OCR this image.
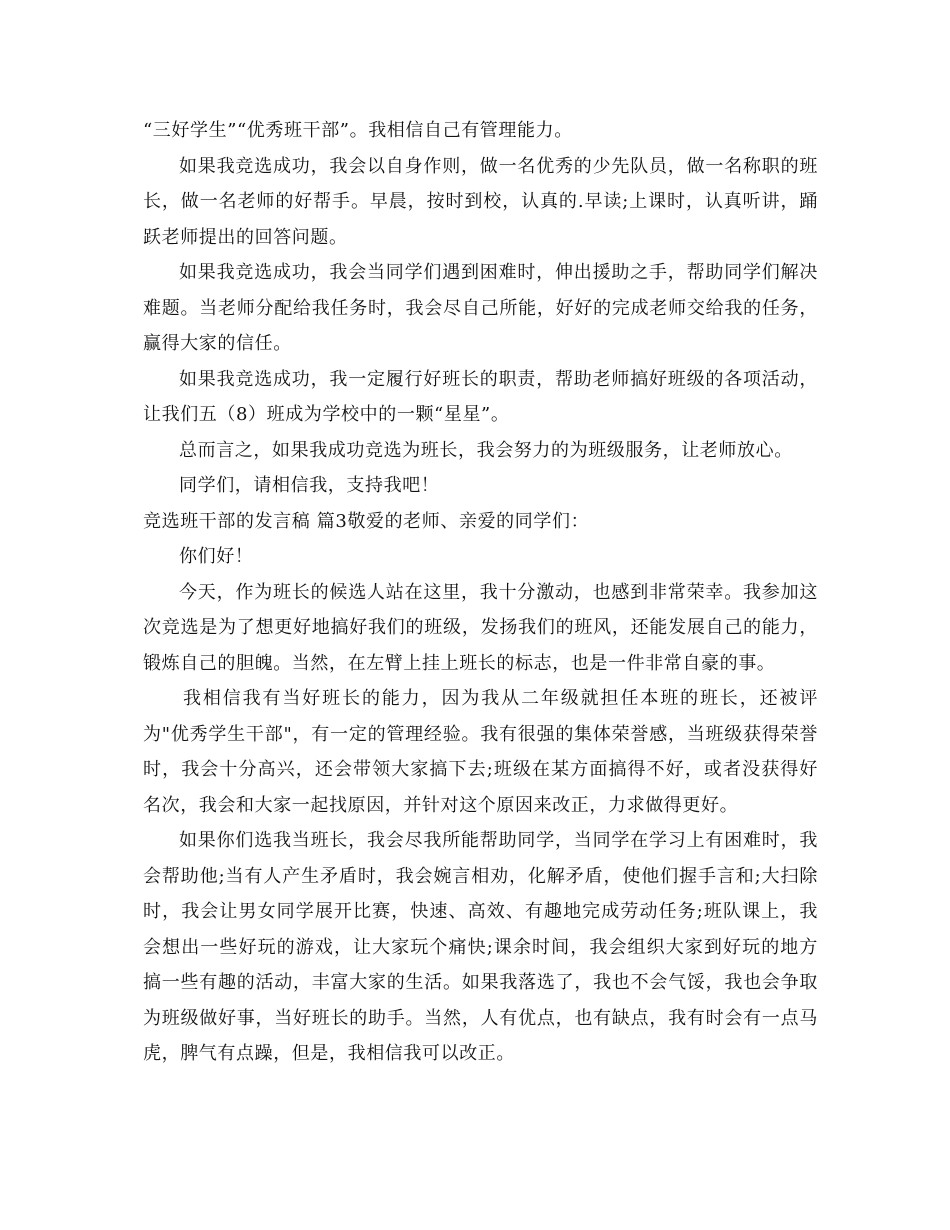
“三好学生”“优秀班干部”。我相信自己有管理能力。

如果我竞选成功，我会以自身作则，做一名优秀的少先队员，做一名称职的班长，做一名老师的好帮手。早晨，按时到校，认真的.早读;上课时，认真听讲，踊跃老师提出的回答问题。

如果我竞选成功，我会当同学们遇到困难时，伸出援助之手，帮助同学们解决难题。当老师分配给我任务时，我会尽自己所能，好好的完成老师交给我的任务，赢得大家的信任。

如果我竞选成功，我一定履行好班长的职责，帮助老师搞好班级的各项活动，让我们五（8）班成为学校中的一颗“星星”。

总而言之，如果我成功竞选为班长，我会努力的为班级服务，让老师放心。

同学们，请相信我，支持我吧！

竞选班干部的发言稿 篇3敬爱的老师、亲爱的同学们：

你们好！

今天，作为班长的候选人站在这里，我十分激动，也感到非常荣幸。我参加这次竞选是为了想更好地搞好我们的班级，发扬我们的班风，还能发展自己的能力，锻炼自己的胆魄。当然，在左臂上挂上班长的标志，也是一件非常自豪的事。

我相信我有当好班长的能力，因为我从二年级就担任本班的班长，还被评为"优秀学生干部"，有一定的管理经验。我有很强的集体荣誉感，当班级获得荣誉时，我会十分高兴，还会带领大家搞下去;班级在某方面搞得不好，或者没获得好名次，我会和大家一起找原因，并针对这个原因来改正，力求做得更好。

如果你们选我当班长，我会尽我所能帮助同学，当同学在学习上有困难时，我会帮助他;当有人产生矛盾时，我会婉言相劝，化解矛盾，使他们握手言和;大扫除时，我会让男女同学展开比赛，快速、高效、有趣地完成劳动任务;班队课上，我会想出一些好玩的游戏，让大家玩个痛快;课余时间，我会组织大家到好玩的地方搞一些有趣的活动，丰富大家的生活。如果我落选了，我也不会气馁，我也会争取为班级做好事，当好班长的助手。当然，人有优点，也有缺点，我有时会有一点马虎，脾气有点躁，但是，我相信我可以改正。
